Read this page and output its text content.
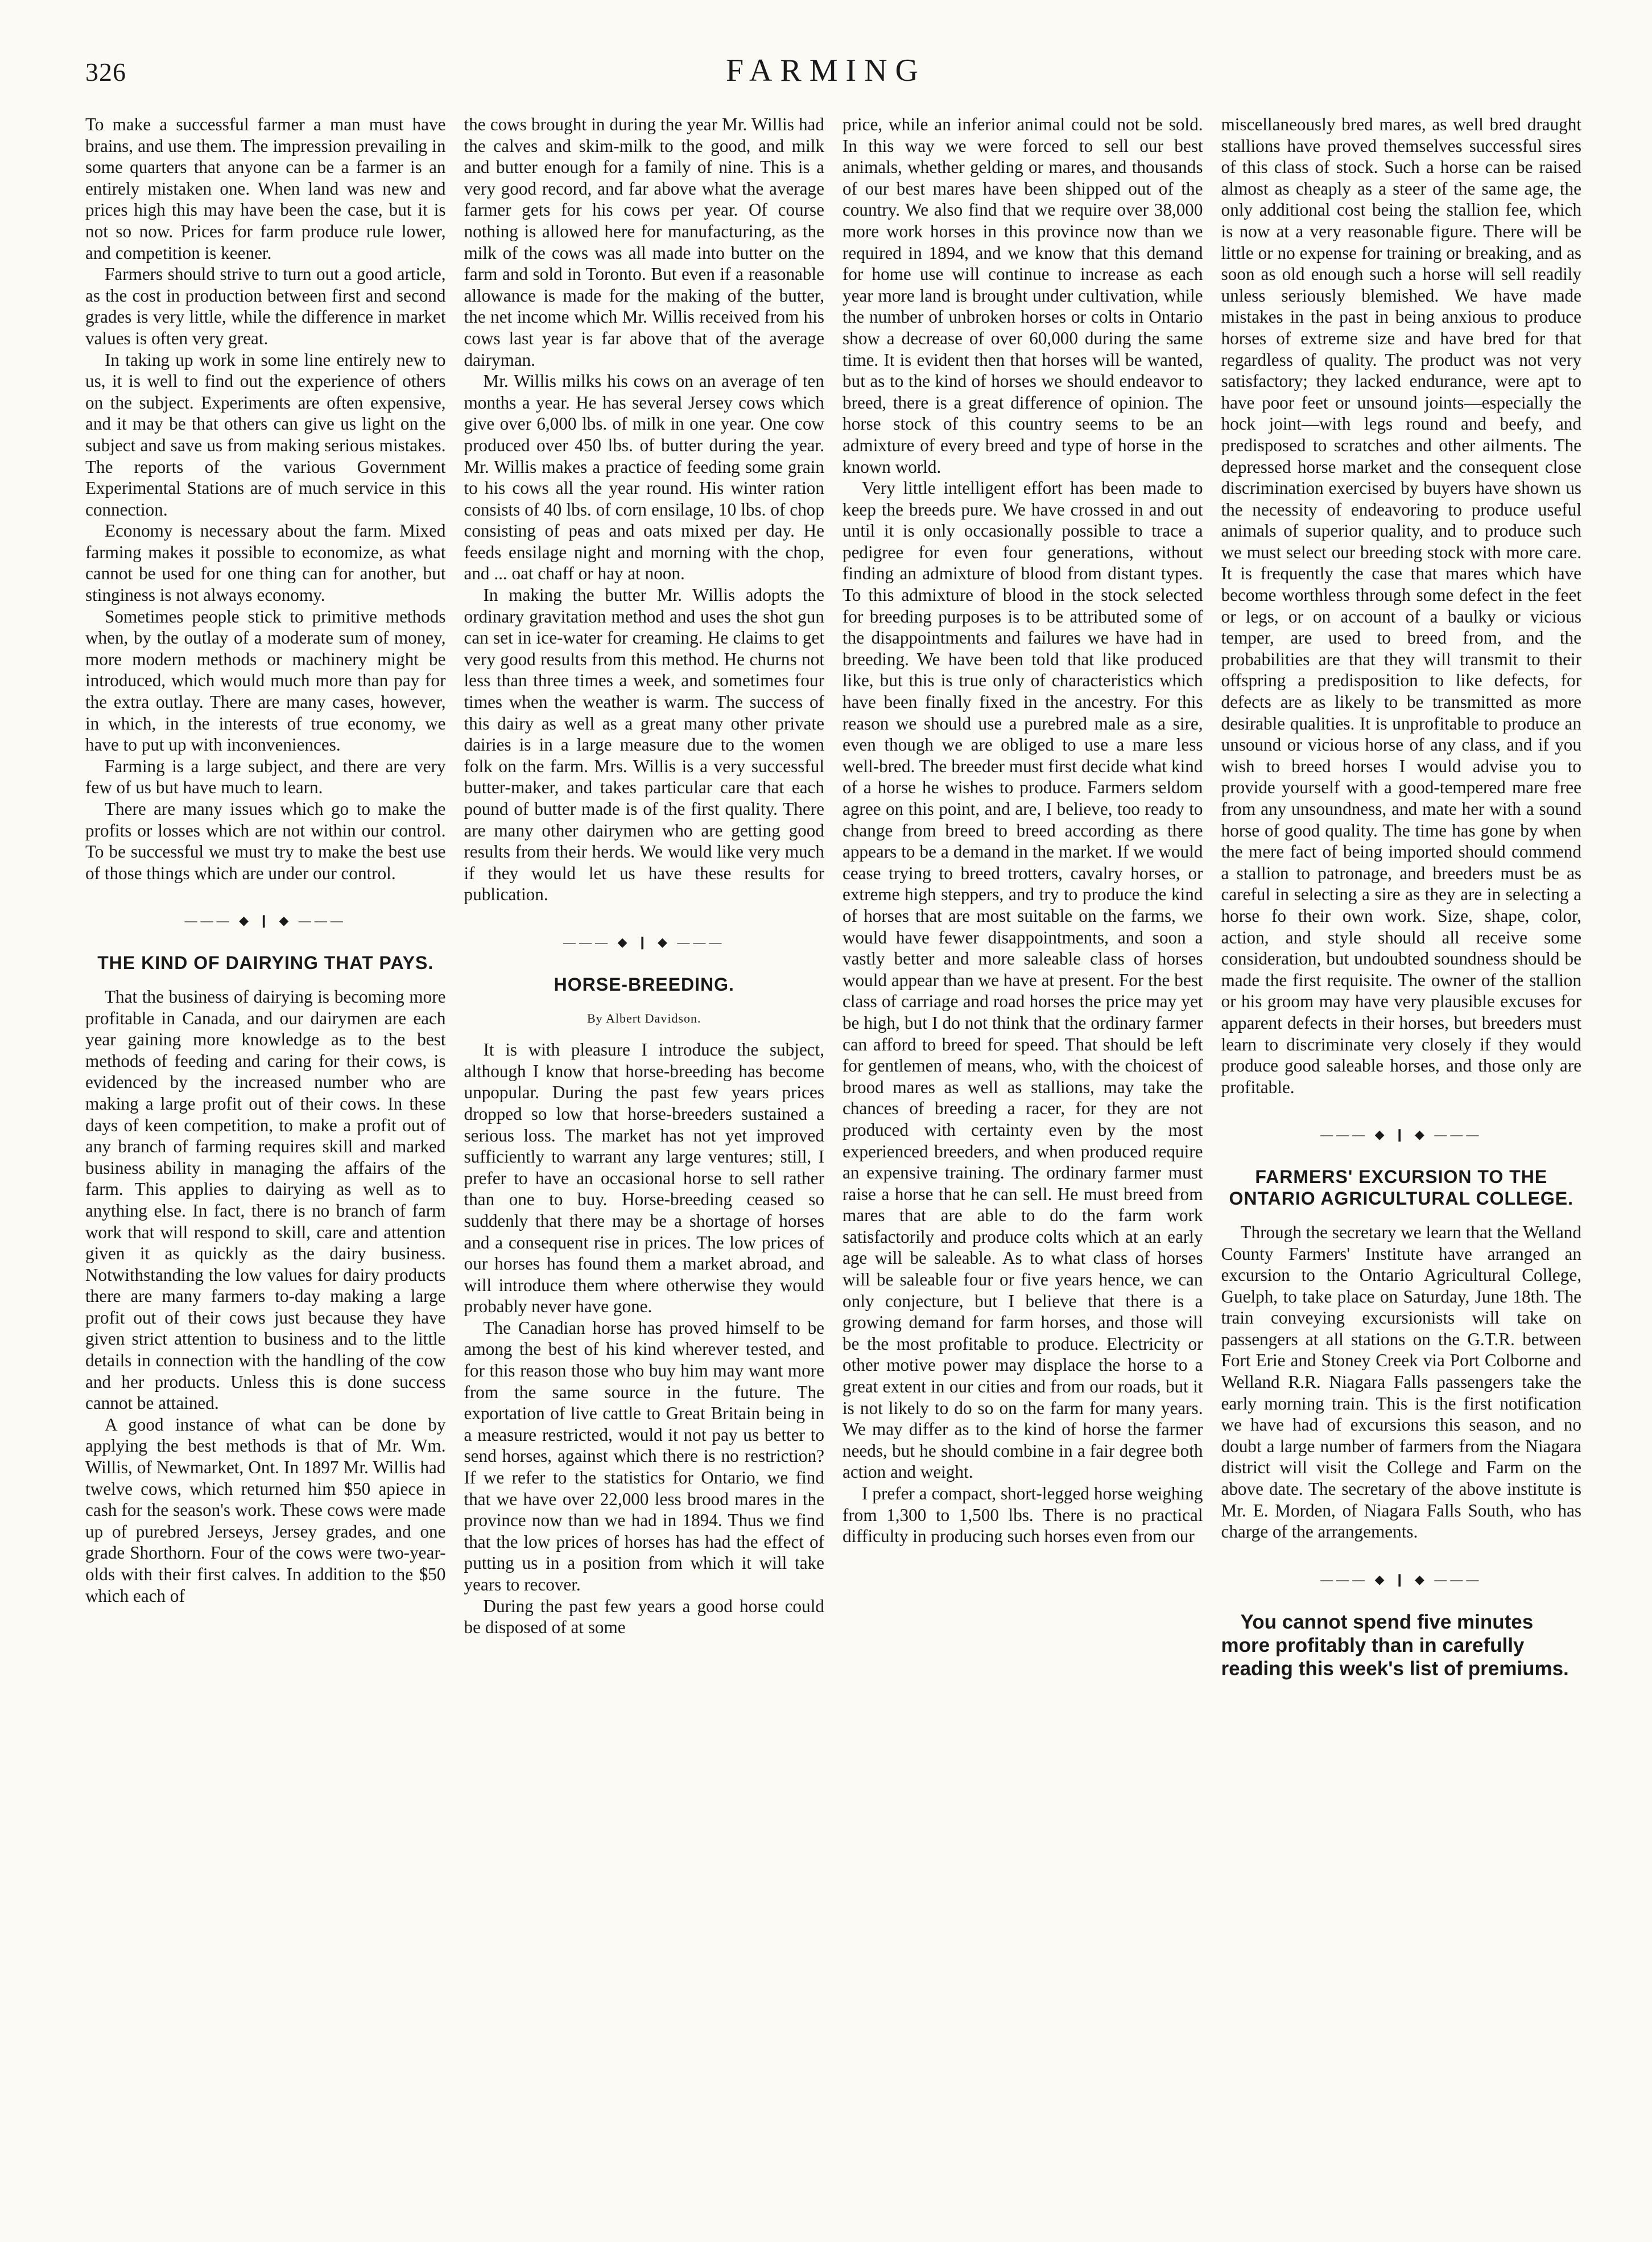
326	FARMING

To make a successful farmer a man must have brains, and use them. The impression prevailing in some quarters that anyone can be a farmer is an entirely mistaken one. When land was new and prices high this may have been the case, but it is not so now. Prices for farm produce rule lower, and competition is keener.

Farmers should strive to turn out a good article, as the cost in production between first and second grades is very little, while the difference in market values is often very great.

In taking up work in some line entirely new to us, it is well to find out the experience of others on the subject. Experiments are often expensive, and it may be that others can give us light on the subject and save us from making serious mistakes. The reports of the various Government Experimental Stations are of much service in this connection.

Economy is necessary about the farm. Mixed farming makes it possible to economize, as what cannot be used for one thing can for another, but stinginess is not always economy.

Sometimes people stick to primitive methods when, by the outlay of a moderate sum of money, more modern methods or machinery might be introduced, which would much more than pay for the extra outlay. There are many cases, however, in which, in the interests of true economy, we have to put up with inconveniences.

Farming is a large subject, and there are very few of us but have much to learn.

There are many issues which go to make the profits or losses which are not within our control. To be successful we must try to make the best use of those things which are under our control.

——— ◆ ❙ ◆ ———
THE KIND OF DAIRYING THAT PAYS.

That the business of dairying is becoming more profitable in Canada, and our dairymen are each year gaining more knowledge as to the best methods of feeding and caring for their cows, is evidenced by the increased number who are making a large profit out of their cows. In these days of keen competition, to make a profit out of any branch of farming requires skill and marked business ability in managing the affairs of the farm. This applies to dairying as well as to anything else. In fact, there is no branch of farm work that will respond to skill, care and attention given it as quickly as the dairy business. Notwithstanding the low values for dairy products there are many farmers to-day making a large profit out of their cows just because they have given strict attention to business and to the little details in connection with the handling of the cow and her products. Unless this is done success cannot be attained.

A good instance of what can be done by applying the best methods is that of Mr. Wm. Willis, of Newmarket, Ont. In 1897 Mr. Willis had twelve cows, which returned him $50 apiece in cash for the season's work. These cows were made up of purebred Jerseys, Jersey grades, and one grade Shorthorn. Four of the cows were two-year-olds with their first calves. In addition to the $50 which each of

the cows brought in during the year Mr. Willis had the calves and skim-milk to the good, and milk and butter enough for a family of nine. This is a very good record, and far above what the average farmer gets for his cows per year. Of course nothing is allowed here for manufacturing, as the milk of the cows was all made into butter on the farm and sold in Toronto. But even if a reasonable allowance is made for the making of the butter, the net income which Mr. Willis received from his cows last year is far above that of the average dairyman.

Mr. Willis milks his cows on an average of ten months a year. He has several Jersey cows which give over 6,000 lbs. of milk in one year. One cow produced over 450 lbs. of butter during the year. Mr. Willis makes a practice of feeding some grain to his cows all the year round. His winter ration consists of 40 lbs. of corn ensilage, 10 lbs. of chop consisting of peas and oats mixed per day. He feeds ensilage night and morning with the chop, and ... oat chaff or hay at noon.

In making the butter Mr. Willis adopts the ordinary gravitation method and uses the shot gun can set in ice-water for creaming. He claims to get very good results from this method. He churns not less than three times a week, and sometimes four times when the weather is warm. The success of this dairy as well as a great many other private dairies is in a large measure due to the women folk on the farm. Mrs. Willis is a very successful butter-maker, and takes particular care that each pound of butter made is of the first quality. There are many other dairymen who are getting good results from their herds. We would like very much if they would let us have these results for publication.

——— ◆ ❙ ◆ ———
HORSE-BREEDING.
By Albert Davidson.

It is with pleasure I introduce the subject, although I know that horse-breeding has become unpopular. During the past few years prices dropped so low that horse-breeders sustained a serious loss. The market has not yet improved sufficiently to warrant any large ventures; still, I prefer to have an occasional horse to sell rather than one to buy. Horse-breeding ceased so suddenly that there may be a shortage of horses and a consequent rise in prices. The low prices of our horses has found them a market abroad, and will introduce them where otherwise they would probably never have gone.

The Canadian horse has proved himself to be among the best of his kind wherever tested, and for this reason those who buy him may want more from the same source in the future. The exportation of live cattle to Great Britain being in a measure restricted, would it not pay us better to send horses, against which there is no restriction? If we refer to the statistics for Ontario, we find that we have over 22,000 less brood mares in the province now than we had in 1894. Thus we find that the low prices of horses has had the effect of putting us in a position from which it will take years to recover.

During the past few years a good horse could be disposed of at some

price, while an inferior animal could not be sold. In this way we were forced to sell our best animals, whether gelding or mares, and thousands of our best mares have been shipped out of the country. We also find that we require over 38,000 more work horses in this province now than we required in 1894, and we know that this demand for home use will continue to increase as each year more land is brought under cultivation, while the number of unbroken horses or colts in Ontario show a decrease of over 60,000 during the same time. It is evident then that horses will be wanted, but as to the kind of horses we should endeavor to breed, there is a great difference of opinion. The horse stock of this country seems to be an admixture of every breed and type of horse in the known world.

Very little intelligent effort has been made to keep the breeds pure. We have crossed in and out until it is only occasionally possible to trace a pedigree for even four generations, without finding an admixture of blood from distant types. To this admixture of blood in the stock selected for breeding purposes is to be attributed some of the disappointments and failures we have had in breeding. We have been told that like produced like, but this is true only of characteristics which have been finally fixed in the ancestry. For this reason we should use a purebred male as a sire, even though we are obliged to use a mare less well-bred. The breeder must first decide what kind of a horse he wishes to produce. Farmers seldom agree on this point, and are, I believe, too ready to change from breed to breed according as there appears to be a demand in the market. If we would cease trying to breed trotters, cavalry horses, or extreme high steppers, and try to produce the kind of horses that are most suitable on the farms, we would have fewer disappointments, and soon a vastly better and more saleable class of horses would appear than we have at present. For the best class of carriage and road horses the price may yet be high, but I do not think that the ordinary farmer can afford to breed for speed. That should be left for gentlemen of means, who, with the choicest of brood mares as well as stallions, may take the chances of breeding a racer, for they are not produced with certainty even by the most experienced breeders, and when produced require an expensive training. The ordinary farmer must raise a horse that he can sell. He must breed from mares that are able to do the farm work satisfactorily and produce colts which at an early age will be saleable. As to what class of horses will be saleable four or five years hence, we can only conjecture, but I believe that there is a growing demand for farm horses, and those will be the most profitable to produce. Electricity or other motive power may displace the horse to a great extent in our cities and from our roads, but it is not likely to do so on the farm for many years. We may differ as to the kind of horse the farmer needs, but he should combine in a fair degree both action and weight.

I prefer a compact, short-legged horse weighing from 1,300 to 1,500 lbs. There is no practical difficulty in producing such horses even from our

miscellaneously bred mares, as well bred draught stallions have proved themselves successful sires of this class of stock. Such a horse can be raised almost as cheaply as a steer of the same age, the only additional cost being the stallion fee, which is now at a very reasonable figure. There will be little or no expense for training or breaking, and as soon as old enough such a horse will sell readily unless seriously blemished. We have made mistakes in the past in being anxious to produce horses of extreme size and have bred for that regardless of quality. The product was not very satisfactory; they lacked endurance, were apt to have poor feet or unsound joints—especially the hock joint—with legs round and beefy, and predisposed to scratches and other ailments. The depressed horse market and the consequent close discrimination exercised by buyers have shown us the necessity of endeavoring to produce useful animals of superior quality, and to produce such we must select our breeding stock with more care. It is frequently the case that mares which have become worthless through some defect in the feet or legs, or on account of a baulky or vicious temper, are used to breed from, and the probabilities are that they will transmit to their offspring a predisposition to like defects, for defects are as likely to be transmitted as more desirable qualities. It is unprofitable to produce an unsound or vicious horse of any class, and if you wish to breed horses I would advise you to provide yourself with a good-tempered mare free from any unsoundness, and mate her with a sound horse of good quality. The time has gone by when the mere fact of being imported should commend a stallion to patronage, and breeders must be as careful in selecting a sire as they are in selecting a horse fo their own work. Size, shape, color, action, and style should all receive some consideration, but undoubted soundness should be made the first requisite. The owner of the stallion or his groom may have very plausible excuses for apparent defects in their horses, but breeders must learn to discriminate very closely if they would produce good saleable horses, and those only are profitable.

——— ◆ ❙ ◆ ———
FARMERS' EXCURSION TO THE ONTARIO AGRICULTURAL COLLEGE.

Through the secretary we learn that the Welland County Farmers' Institute have arranged an excursion to the Ontario Agricultural College, Guelph, to take place on Saturday, June 18th. The train conveying excursionists will take on passengers at all stations on the G.T.R. between Fort Erie and Stoney Creek via Port Colborne and Welland R.R. Niagara Falls passengers take the early morning train. This is the first notification we have had of excursions this season, and no doubt a large number of farmers from the Niagara district will visit the College and Farm on the above date. The secretary of the above institute is Mr. E. Morden, of Niagara Falls South, who has charge of the arrangements.

——— ◆ ❙ ◆ ———

You cannot spend five minutes more profitably than in carefully reading this week's list of premiums.
